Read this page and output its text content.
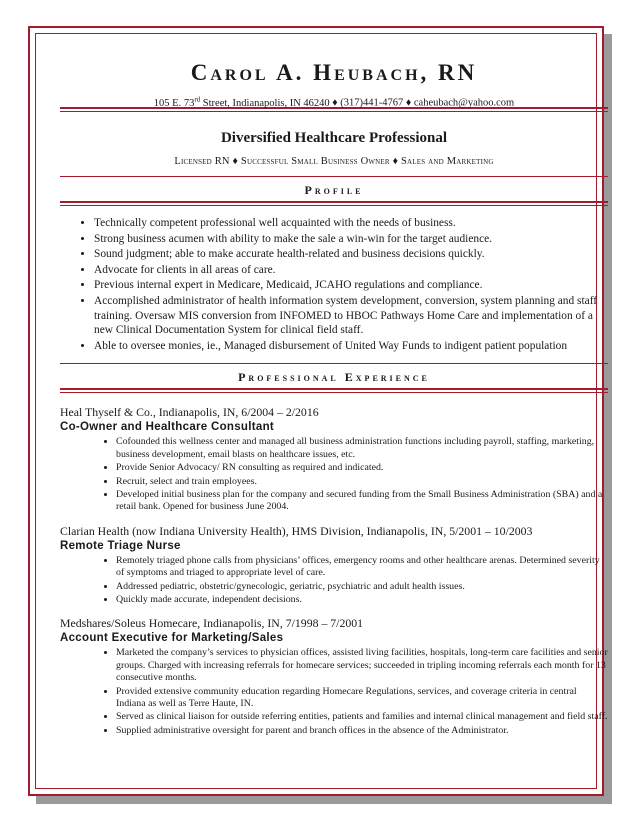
Carol A. Heubach, RN
105 E. 73rd Street, Indianapolis, IN 46240 ♦ (317)441-4767 ♦ caheubach@yahoo.com
Diversified Healthcare Professional
Licensed RN ♦ Successful Small Business Owner ♦ Sales and Marketing
Profile
• Technically competent professional well acquainted with the needs of business.
• Strong business acumen with ability to make the sale a win-win for the target audience.
• Sound judgment; able to make accurate health-related and business decisions quickly.
• Advocate for clients in all areas of care.
• Previous internal expert in Medicare, Medicaid, JCAHO regulations and compliance.
• Accomplished administrator of health information system development, conversion, system planning and staff training. Oversaw MIS conversion from INFOMED to HBOC Pathways Home Care and implementation of a new Clinical Documentation System for clinical field staff.
• Able to oversee monies, ie., Managed disbursement of United Way Funds to indigent patient population
Professional Experience
Heal Thyself & Co., Indianapolis, IN, 6/2004 – 2/2016
Co-Owner and Healthcare Consultant
• Cofounded this wellness center and managed all business administration functions including payroll, staffing, marketing, business development, email blasts on healthcare issues, etc.
• Provide Senior Advocacy/ RN consulting as required and indicated.
• Recruit, select and train employees.
• Developed initial business plan for the company and secured funding from the Small Business Administration (SBA) and a retail bank. Opened for business June 2004.
Clarian Health (now Indiana University Health), HMS Division, Indianapolis, IN, 5/2001 – 10/2003
Remote Triage Nurse
• Remotely triaged phone calls from physicians’ offices, emergency rooms and other healthcare arenas. Determined severity of symptoms and triaged to appropriate level of care.
• Addressed pediatric, obstetric/gynecologic, geriatric, psychiatric and adult health issues.
• Quickly made accurate, independent decisions.
Medshares/Soleus Homecare, Indianapolis, IN, 7/1998 – 7/2001
Account Executive for Marketing/Sales
• Marketed the company’s services to physician offices, assisted living facilities, hospitals, long-term care facilities and senior groups. Charged with increasing referrals for homecare services; succeeded in tripling incoming referrals each month for 13 consecutive months.
• Provided extensive community education regarding Homecare Regulations, services, and coverage criteria in central Indiana as well as Terre Haute, IN.
• Served as clinical liaison for outside referring entities, patients and families and internal clinical management and field staff.
• Supplied administrative oversight for parent and branch offices in the absence of the Administrator.
